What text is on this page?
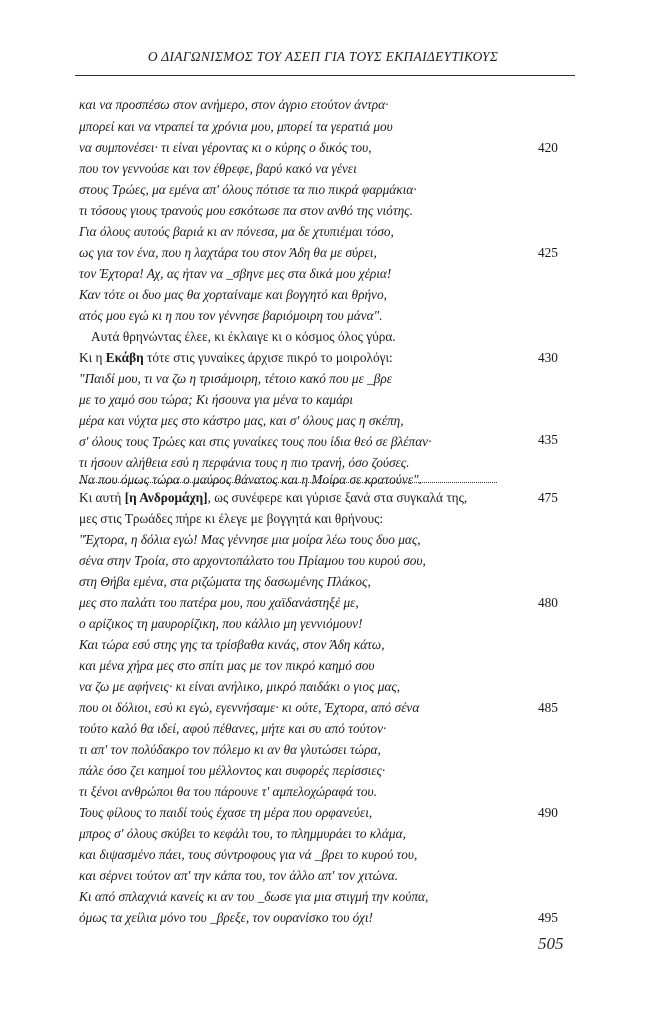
Ο ΔΙΑΓΩΝΙΣΜΟΣ ΤΟΥ ΑΣΕΠ ΓΙΑ ΤΟΥΣ ΕΚΠΑΙΔΕΥΤΙΚΟΥΣ
και να προσπέσω στον ανήμερο, στον άγριο ετούτον άντρα·
μπορεί και να ντραπεί τα χρόνια μου, μπορεί τα γερατιά μου
να συμπονέσει· τι είναι γέροντας κι ο κύρης ο δικός του,	420
που τον γεννούσε και τον έθρεφε, βαρύ κακό να γένει
στους Τρώες, μα εμένα απ' όλους πότισε τα πιο πικρά φαρμάκια·
τι τόσους γιους τρανούς μου εσκότωσε πα στον ανθό της νιότης.
Για όλους αυτούς βαριά κι αν πόνεσα, μα δε χτυπιέμαι τόσο,
ως για τον ένα, που η λαχτάρα του στον Άδη θα με σύρει,	425
τον Έχτορα! Αχ, ας ήταν να _σβηνε μες στα δικά μου χέρια!
Καν τότε οι δυο μας θα χορταίναμε και βογγητό και θρήνο,
ατός μου εγώ κι η που τον γέννησε βαριόμοιρη του μάνα".
Αυτά θρηνώντας έλεε, κι έκλαιγε κι ο κόσμος όλος γύρα.
Κι η Εκάβη τότε στις γυναίκες άρχισε πικρό το μοιρολόγι:	430
"Παιδί μου, τι να ζω η τρισάμοιρη, τέτοιο κακό που με _βρε
με το χαμό σου τώρα; Κι ήσουνα για μένα το καμάρι
μέρα και νύχτα μες στο κάστρο μας, και σ' όλους μας η σκέπη,
σ' όλους τους Τρώες και στις γυναίκες τους που ίδια θεό σε βλέπαν·
τι ήσουν αλήθεια εσύ η περφάνια τους η πιο τρανή, όσο ζούσες.
435
Να που όμως τώρα ο μαύρος θάνατος και η Μοίρα σε κρατούνε".
Κι αυτή [η Ανδρομάχη], ως συνέφερε και γύρισε ξανά στα συγκαλά της,	475
μες στις Τρωάδες πήρε κι έλεγε με βογγητά και θρήνους:
"Έχτορα, η δόλια εγώ! Μας γέννησε μια μοίρα λέω τους δυο μας,
σένα στην Τροία, στο αρχοντοπάλατο του Πρίαμου του κυρού σου,
στη Θήβα εμένα, στα ριζώματα της δασωμένης Πλάκος,
μες στο παλάτι του πατέρα μου, που χαϊδανάστηξέ με,	480
ο αρίζικος τη μαυρορίζικη, που κάλλιο μη γεννιόμουν!
Και τώρα εσύ στης γης τα τρίσβαθα κινάς, στον Άδη κάτω,
και μένα χήρα μες στο σπίτι μας με τον πικρό καημό σου
να ζω με αφήνεις· κι είναι ανήλικο, μικρό παιδάκι ο γιος μας,
που οι δόλιοι, εσύ κι εγώ, εγεννήσαμε· κι ούτε, Έχτορα, από σένα	485
τούτο καλό θα ιδεί, αφού πέθανες, μήτε και συ από τούτον·
τι απ' τον πολύδακρο τον πόλεμο κι αν θα γλυτώσει τώρα,
πάλε όσο ζει καημοί του μέλλοντος και συφορές περίσσιες·
τι ξένοι ανθρώποι θα του πάρουνε τ' αμπελοχώραφά του.
Τους φίλους το παιδί τούς έχασε τη μέρα που ορφανεύει,	490
μπρος σ' όλους σκύβει το κεφάλι του, το πλημμυράει το κλάμα,
και διψασμένο πάει, τους σύντροφους για νά _βρει το κυρού του,
και σέρνει τούτον απ' την κάπα του, τον άλλο απ' τον χιτώνα.
Κι από σπλαχνιά κανείς κι αν του _δωσε για μια στιγμή την κούπα,
όμως τα χείλια μόνο του _βρεξε, τον ουρανίσκο του όχι!	495
505
